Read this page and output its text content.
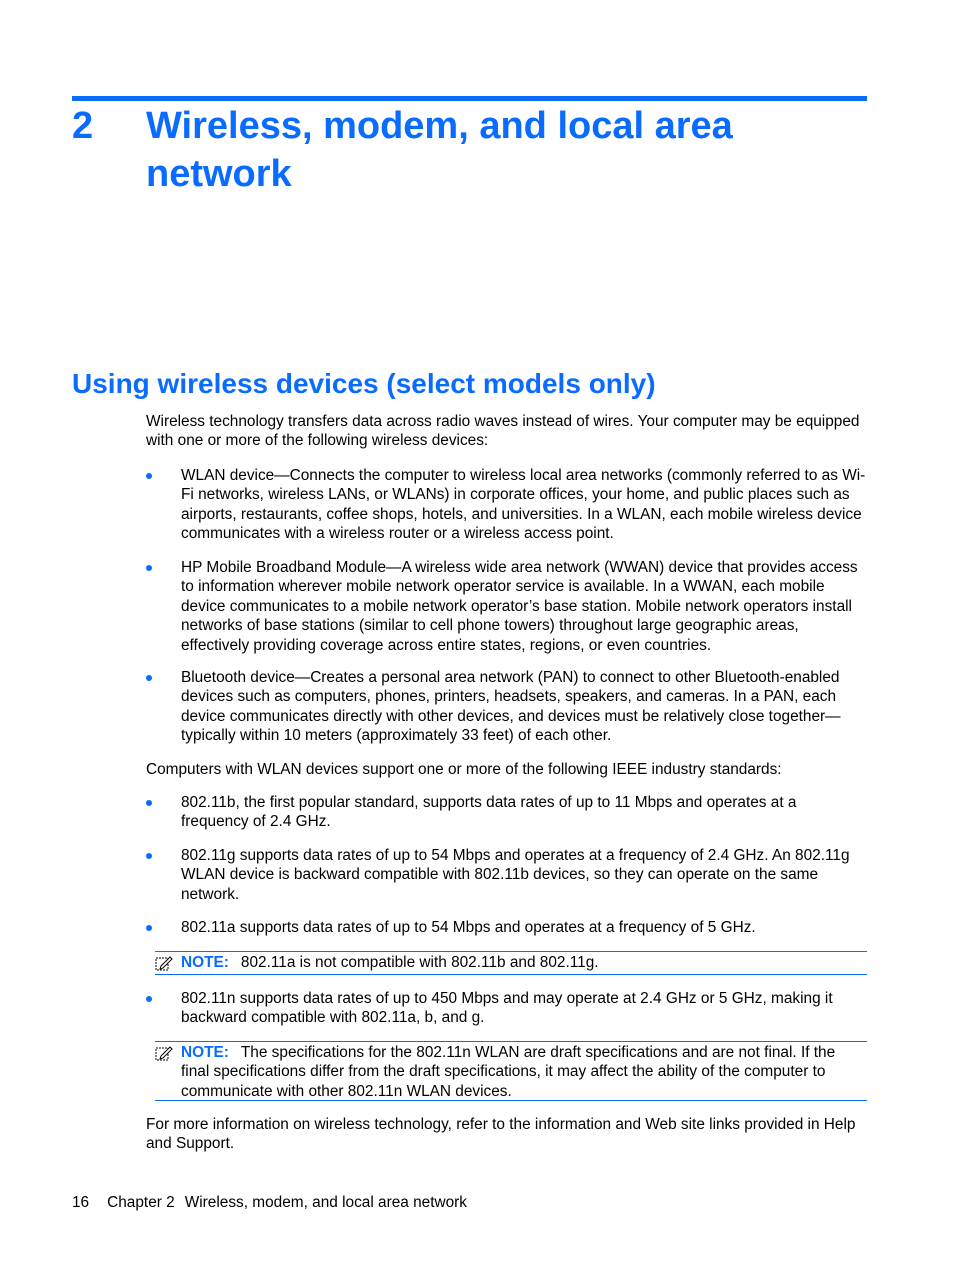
2 Wireless, modem, and local area network
Using wireless devices (select models only)

Wireless technology transfers data across radio waves instead of wires. Your computer may be equipped with one or more of the following wireless devices:

WLAN device—Connects the computer to wireless local area networks (commonly referred to as Wi-Fi networks, wireless LANs, or WLANs) in corporate offices, your home, and public places such as airports, restaurants, coffee shops, hotels, and universities. In a WLAN, each mobile wireless device communicates with a wireless router or a wireless access point.

HP Mobile Broadband Module—A wireless wide area network (WWAN) device that provides access to information wherever mobile network operator service is available. In a WWAN, each mobile device communicates to a mobile network operator’s base station. Mobile network operators install networks of base stations (similar to cell phone towers) throughout large geographic areas, effectively providing coverage across entire states, regions, or even countries.

Bluetooth device—Creates a personal area network (PAN) to connect to other Bluetooth-enabled devices such as computers, phones, printers, headsets, speakers, and cameras. In a PAN, each device communicates directly with other devices, and devices must be relatively close together—typically within 10 meters (approximately 33 feet) of each other.

Computers with WLAN devices support one or more of the following IEEE industry standards:

802.11b, the first popular standard, supports data rates of up to 11 Mbps and operates at a frequency of 2.4 GHz.

802.11g supports data rates of up to 54 Mbps and operates at a frequency of 2.4 GHz. An 802.11g WLAN device is backward compatible with 802.11b devices, so they can operate on the same network.

802.11a supports data rates of up to 54 Mbps and operates at a frequency of 5 GHz.

NOTE: 802.11a is not compatible with 802.11b and 802.11g.

802.11n supports data rates of up to 450 Mbps and may operate at 2.4 GHz or 5 GHz, making it backward compatible with 802.11a, b, and g.

NOTE: The specifications for the 802.11n WLAN are draft specifications and are not final. If the final specifications differ from the draft specifications, it may affect the ability of the computer to communicate with other 802.11n WLAN devices.

For more information on wireless technology, refer to the information and Web site links provided in Help and Support.

16 Chapter 2 Wireless, modem, and local area network
